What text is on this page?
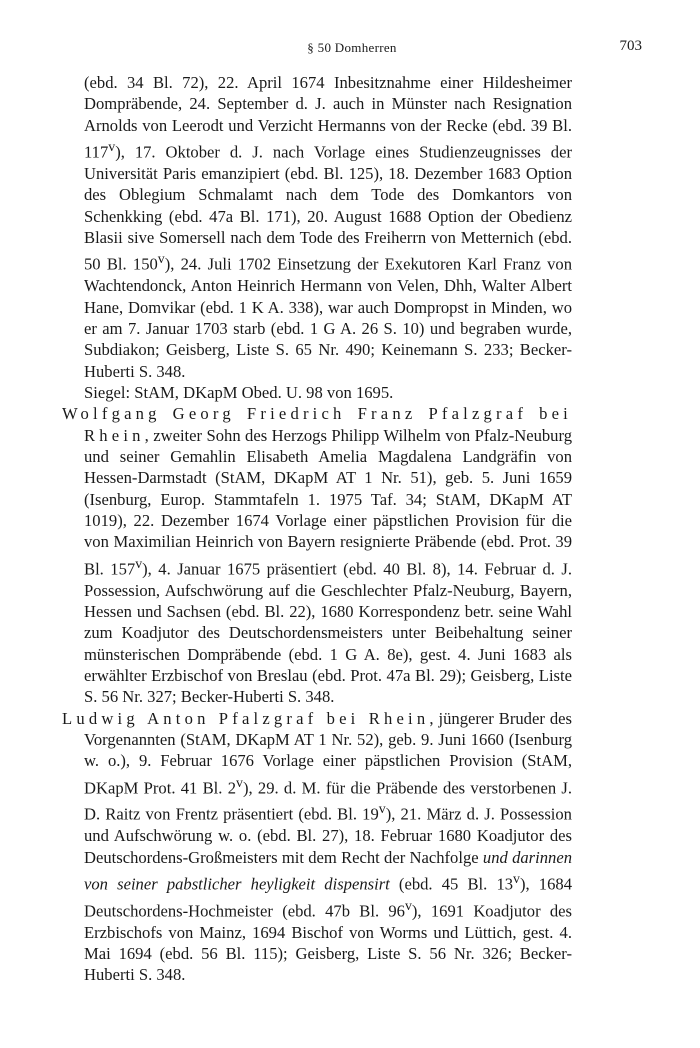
§ 50 Domherren	703

(ebd. 34 Bl. 72), 22. April 1674 Inbesitznahme einer Hildesheimer Dompräbende, 24. September d. J. auch in Münster nach Resignation Arnolds von Leerodt und Verzicht Hermanns von der Recke (ebd. 39 Bl. 117$^v$), 17. Oktober d. J. nach Vorlage eines Studienzeugnisses der Universität Paris emanzipiert (ebd. Bl. 125), 18. Dezember 1683 Option des Oblegium Schmalamt nach dem Tode des Domkantors von Schenkking (ebd. 47a Bl. 171), 20. August 1688 Option der Obedienz Blasii sive Somersell nach dem Tode des Freiherrn von Metternich (ebd. 50 Bl. 150$^v$), 24. Juli 1702 Einsetzung der Exekutoren Karl Franz von Wachtendonck, Anton Heinrich Hermann von Velen, Dhh, Walter Albert Hane, Domvikar (ebd. 1 K A. 338), war auch Dompropst in Minden, wo er am 7. Januar 1703 starb (ebd. 1 G A. 26 S. 10) und begraben wurde, Subdiakon; Geisberg, Liste S. 65 Nr. 490; Keinemann S. 233; Becker-Huberti S. 348.

Siegel: StAM, DKapM Obed. U. 98 von 1695.

Wolfgang Georg Friedrich Franz Pfalzgraf bei Rhein, zweiter Sohn des Herzogs Philipp Wilhelm von Pfalz-Neuburg und seiner Gemahlin Elisabeth Amelia Magdalena Landgräfin von Hessen-Darmstadt (StAM, DKapM AT 1 Nr. 51), geb. 5. Juni 1659 (Isenburg, Europ. Stammtafeln 1. 1975 Taf. 34; StAM, DKapM AT 1019), 22. Dezember 1674 Vorlage einer päpstlichen Provision für die von Maximilian Heinrich von Bayern resignierte Präbende (ebd. Prot. 39 Bl. 157$^v$), 4. Januar 1675 präsentiert (ebd. 40 Bl. 8), 14. Februar d. J. Possession, Aufschwörung auf die Geschlechter Pfalz-Neuburg, Bayern, Hessen und Sachsen (ebd. Bl. 22), 1680 Korrespondenz betr. seine Wahl zum Koadjutor des Deutschordensmeisters unter Beibehaltung seiner münsterischen Dompräbende (ebd. 1 G A. 8e), gest. 4. Juni 1683 als erwählter Erzbischof von Breslau (ebd. Prot. 47a Bl. 29); Geisberg, Liste S. 56 Nr. 327; Becker-Huberti S. 348.

Ludwig Anton Pfalzgraf bei Rhein, jüngerer Bruder des Vorgenannten (StAM, DKapM AT 1 Nr. 52), geb. 9. Juni 1660 (Isenburg w. o.), 9. Februar 1676 Vorlage einer päpstlichen Provision (StAM, DKapM Prot. 41 Bl. 2$^v$), 29. d. M. für die Präbende des verstorbenen J. D. Raitz von Frentz präsentiert (ebd. Bl. 19$^v$), 21. März d. J. Possession und Aufschwörung w. o. (ebd. Bl. 27), 18. Februar 1680 Koadjutor des Deutschordens-Großmeisters mit dem Recht der Nachfolge und darinnen von seiner pabstlicher heyligkeit dispensirt (ebd. 45 Bl. 13$^v$), 1684 Deutschordens-Hochmeister (ebd. 47b Bl. 96$^v$), 1691 Koadjutor des Erzbischofs von Mainz, 1694 Bischof von Worms und Lüttich, gest. 4. Mai 1694 (ebd. 56 Bl. 115); Geisberg, Liste S. 56 Nr. 326; Becker-Huberti S. 348.
